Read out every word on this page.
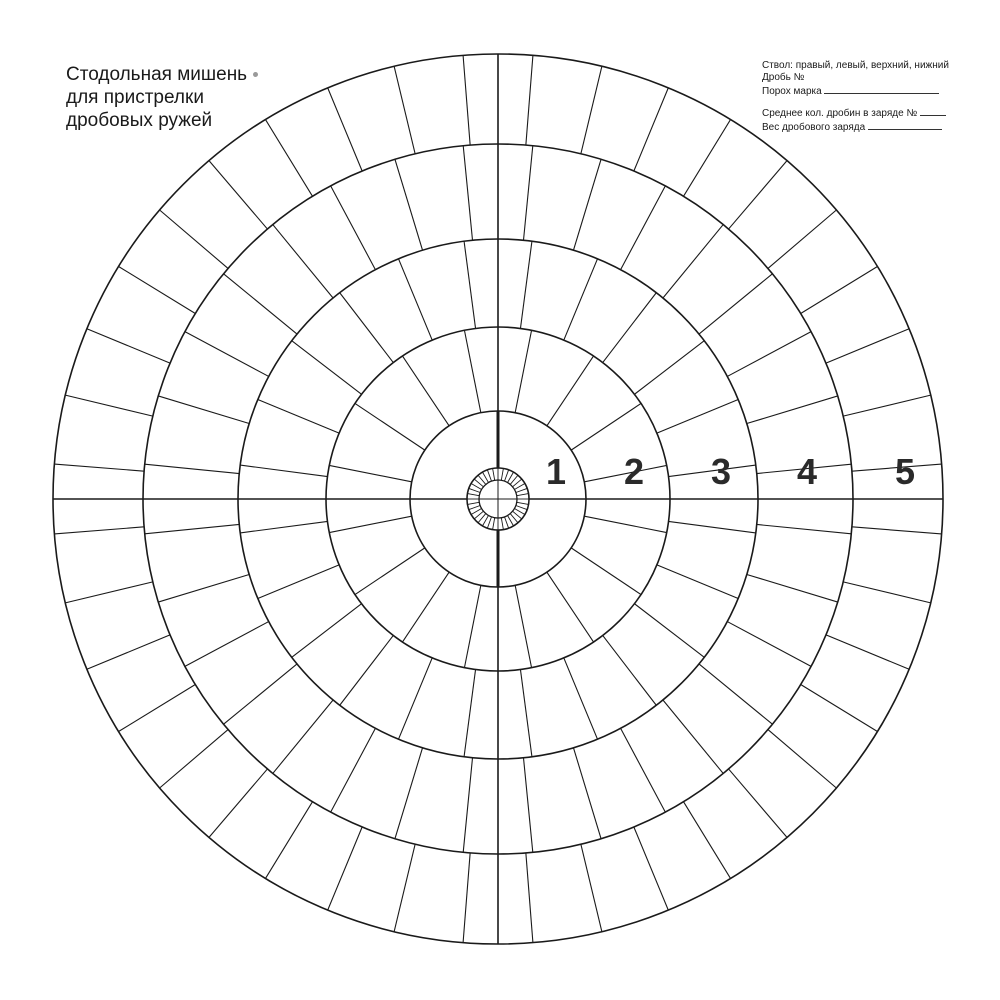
Стодольная мишень
для пристрелки
дробовых ружей
Ствол: правый, левый, верхний, нижний
Дробь №
Порох марка
Среднее кол. дробин в заряде №
Вес дробового заряда
1 2 3 4 5
